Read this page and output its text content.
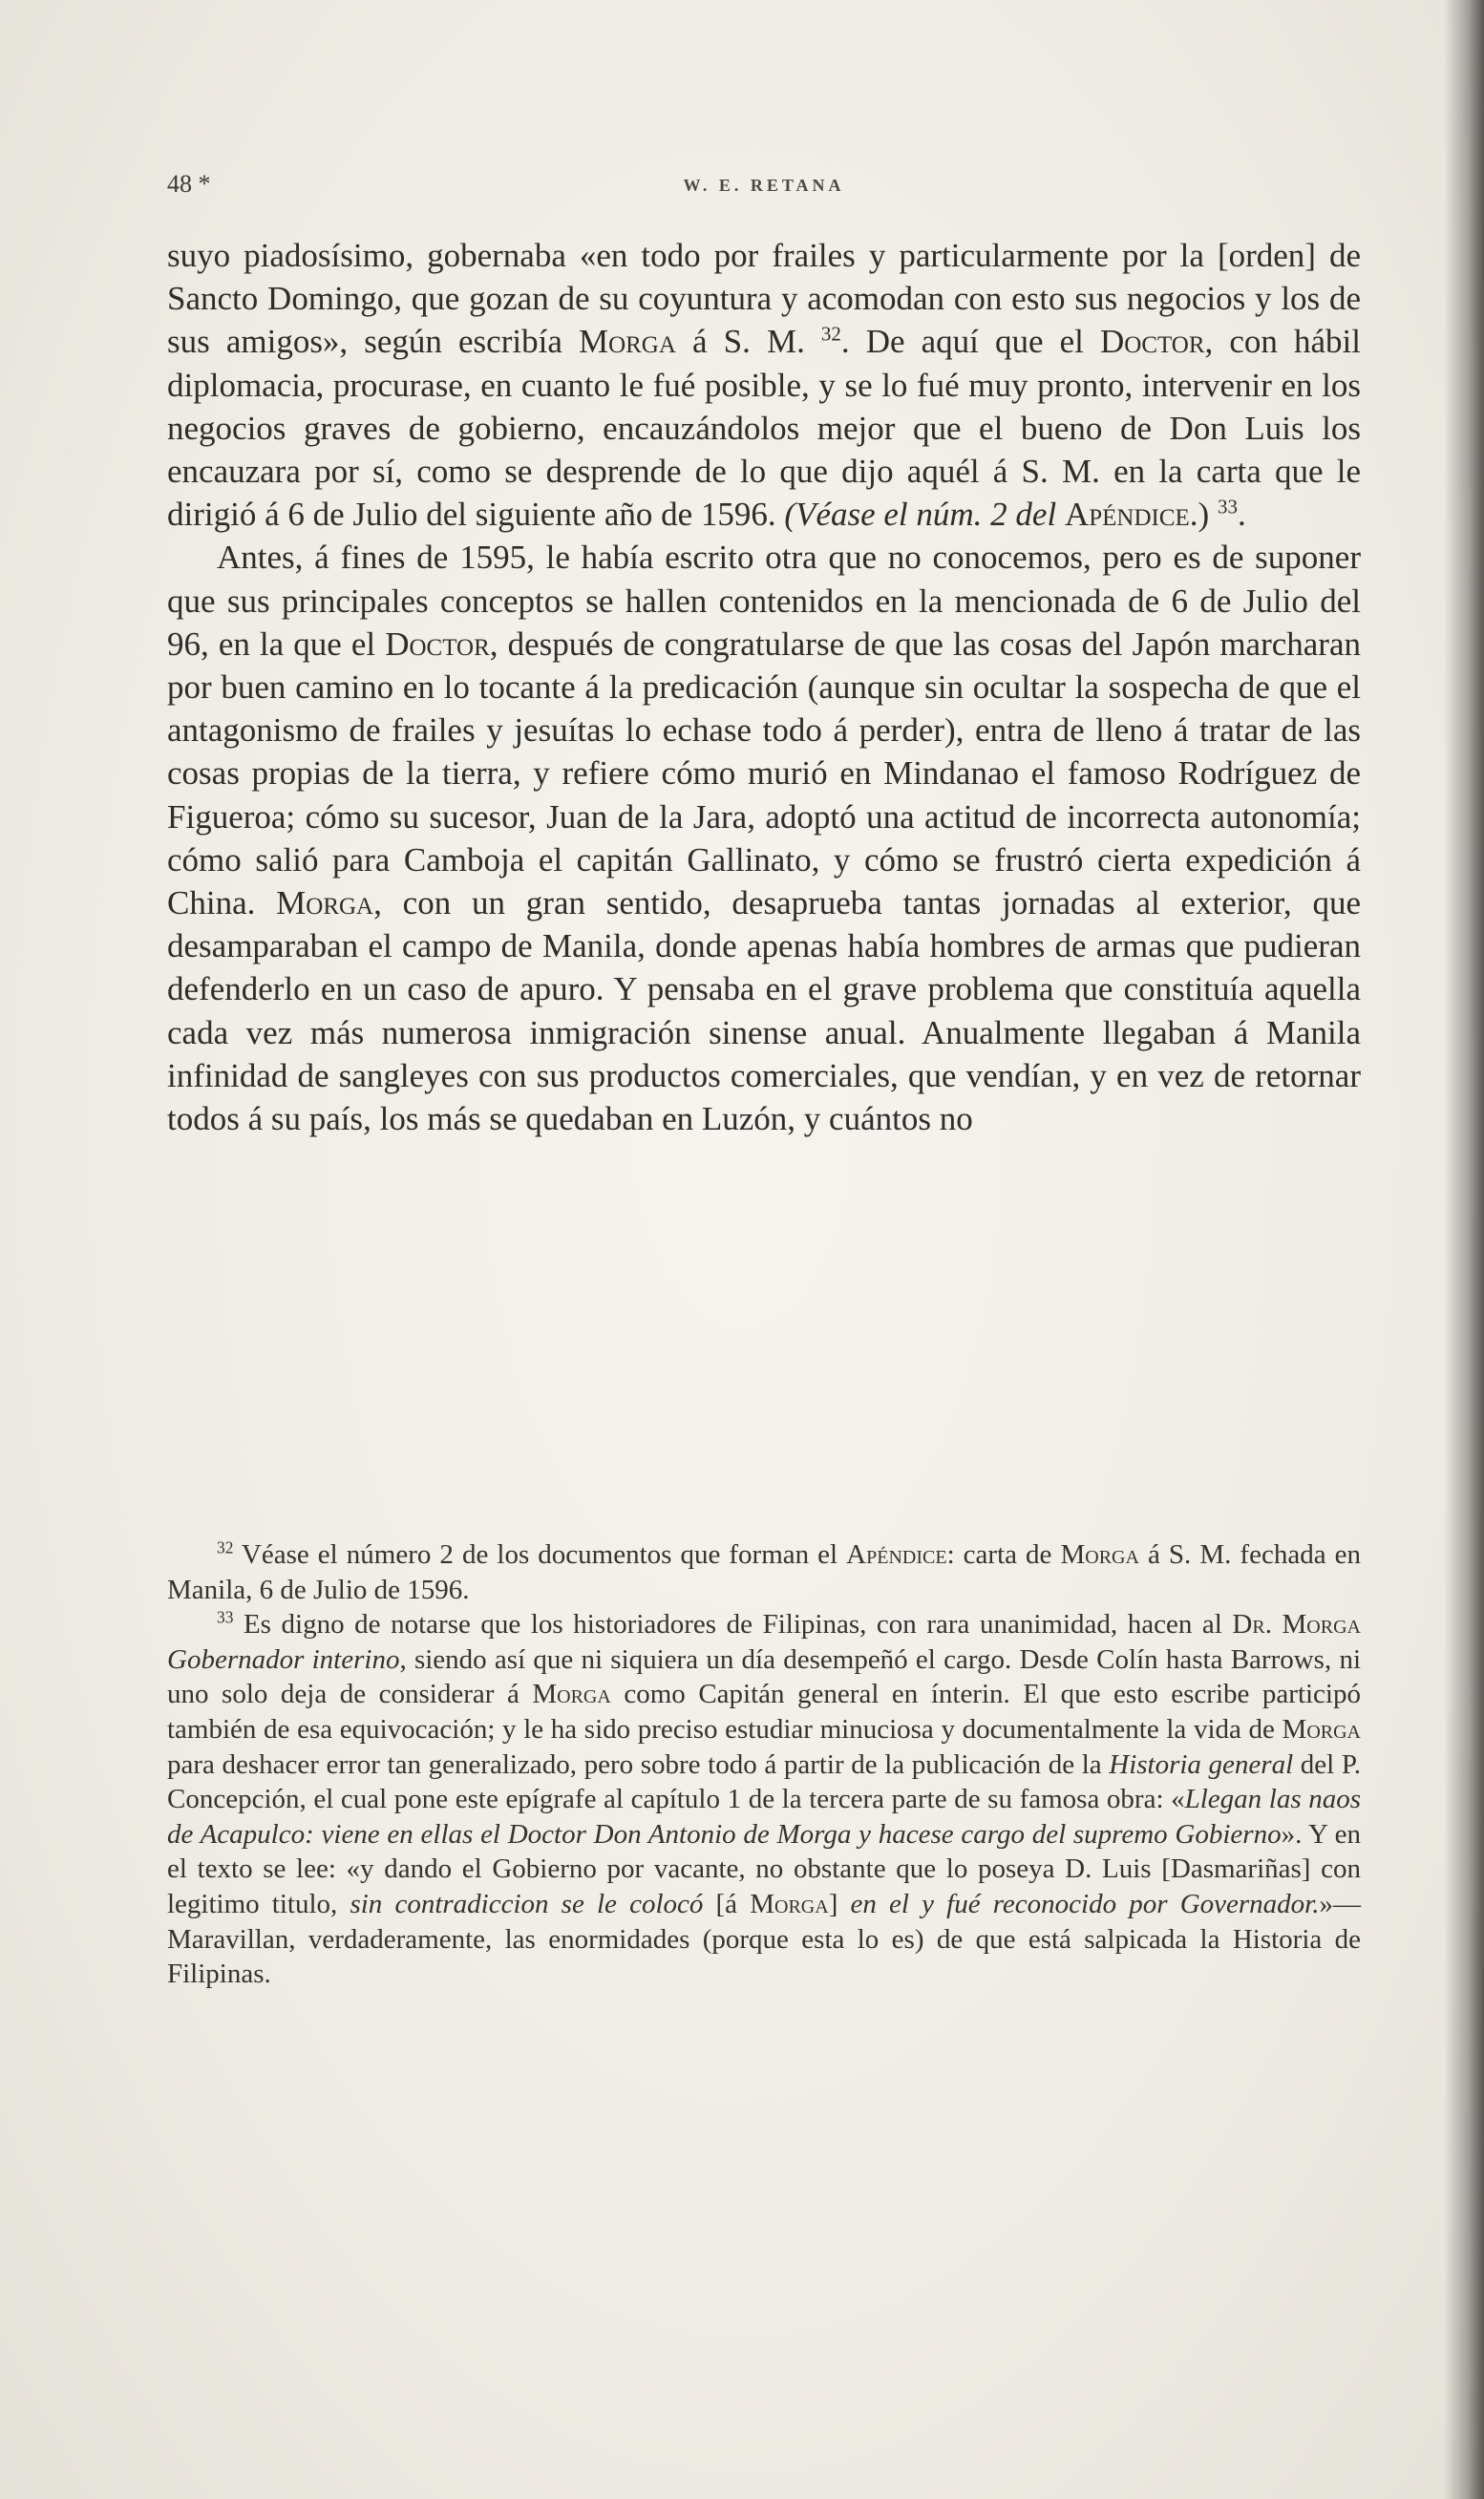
48 *	W. E. RETANA

suyo piadosísimo, gobernaba «en todo por frailes y particularmente por la [orden] de Sancto Domingo, que gozan de su coyuntura y acomodan con esto sus negocios y los de sus amigos», según escribía Morga á S. M. $^{32}$. De aquí que el Doctor, con hábil diplomacia, procurase, en cuanto le fué posible, y se lo fué muy pronto, intervenir en los negocios graves de gobierno, encauzándolos mejor que el bueno de Don Luis los encauzara por sí, como se desprende de lo que dijo aquél á S. M. en la carta que le dirigió á 6 de Julio del siguiente año de 1596. (Véase el núm. 2 del Apéndice.) $^{33}$.

Antes, á fines de 1595, le había escrito otra que no conocemos, pero es de suponer que sus principales conceptos se hallen contenidos en la mencionada de 6 de Julio del 96, en la que el Doctor, después de congratularse de que las cosas del Japón marcharan por buen camino en lo tocante á la predicación (aunque sin ocultar la sospecha de que el antagonismo de frailes y jesuítas lo echase todo á perder), entra de lleno á tratar de las cosas propias de la tierra, y refiere cómo murió en Mindanao el famoso Rodríguez de Figueroa; cómo su sucesor, Juan de la Jara, adoptó una actitud de incorrecta autonomía; cómo salió para Camboja el capitán Gallinato, y cómo se frustró cierta expedición á China. Morga, con un gran sentido, desaprueba tantas jornadas al exterior, que desamparaban el campo de Manila, donde apenas había hombres de armas que pudieran defenderlo en un caso de apuro. Y pensaba en el grave problema que constituía aquella cada vez más numerosa inmigración sinense anual. Anualmente llegaban á Manila infinidad de sangleyes con sus productos comerciales, que vendían, y en vez de retornar todos á su país, los más se quedaban en Luzón, y cuántos no

$^{32}$ Véase el número 2 de los documentos que forman el Apéndice: carta de Morga á S. M. fechada en Manila, 6 de Julio de 1596.

$^{33}$ Es digno de notarse que los historiadores de Filipinas, con rara unanimidad, hacen al Dr. Morga Gobernador interino, siendo así que ni siquiera un día desempeñó el cargo. Desde Colín hasta Barrows, ni uno solo deja de considerar á Morga como Capitán general en ínterin. El que esto escribe participó también de esa equivocación; y le ha sido preciso estudiar minuciosa y documentalmente la vida de Morga para deshacer error tan generalizado, pero sobre todo á partir de la publicación de la Historia general del P. Concepción, el cual pone este epígrafe al capítulo 1 de la tercera parte de su famosa obra: «Llegan las naos de Acapulco: viene en ellas el Doctor Don Antonio de Morga y hacese cargo del supremo Gobierno». Y en el texto se lee: «y dando el Gobierno por vacante, no obstante que lo poseya D. Luis [Dasmariñas] con legitimo titulo, sin contradiccion se le colocó [á Morga] en el y fué reconocido por Governador.»—Maravillan, verdaderamente, las enormidades (porque esta lo es) de que está salpicada la Historia de Filipinas.
